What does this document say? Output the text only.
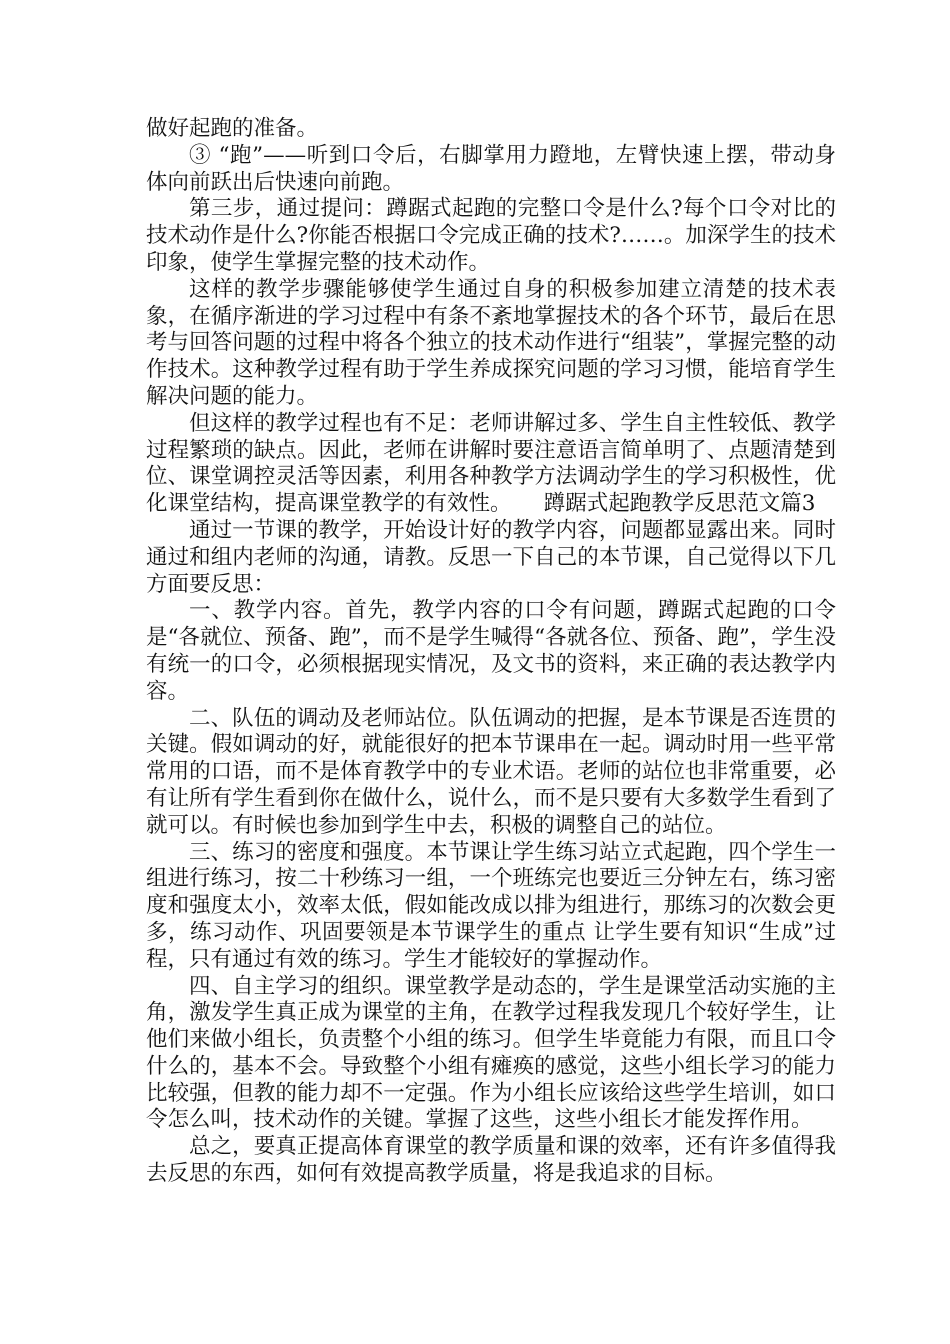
做好起跑的准备。

③ “跑”——听到口令后，右脚掌用力蹬地，左臂快速上摆，带动身体向前跃出后快速向前跑。

第三步，通过提问：蹲踞式起跑的完整口令是什么?每个口令对比的技术动作是什么?你能否根据口令完成正确的技术?……。加深学生的技术印象，使学生掌握完整的技术动作。

这样的教学步骤能够使学生通过自身的积极参加建立清楚的技术表象，在循序渐进的学习过程中有条不紊地掌握技术的各个环节，最后在思考与回答问题的过程中将各个独立的技术动作进行“组装”，掌握完整的动作技术。这种教学过程有助于学生养成探究问题的学习习惯，能培育学生解决问题的能力。

但这样的教学过程也有不足：老师讲解过多、学生自主性较低、教学过程繁琐的缺点。因此，老师在讲解时要注意语言简单明了、点题清楚到位、课堂调控灵活等因素，利用各种教学方法调动学生的学习积极性，优化课堂结构，提高课堂教学的有效性。　　蹲踞式起跑教学反思范文篇3

通过一节课的教学，开始设计好的教学内容，问题都显露出来。同时通过和组内老师的沟通，请教。反思一下自己的本节课，自己觉得以下几方面要反思：

一、教学内容。首先，教学内容的口令有问题，蹲踞式起跑的口令是“各就位、预备、跑”，而不是学生喊得“各就各位、预备、跑”，学生没有统一的口令，必须根据现实情况，及文书的资料，来正确的表达教学内容。

二、队伍的调动及老师站位。队伍调动的把握，是本节课是否连贯的关键。假如调动的好，就能很好的把本节课串在一起。调动时用一些平常常用的口语，而不是体育教学中的专业术语。老师的站位也非常重要，必有让所有学生看到你在做什么，说什么，而不是只要有大多数学生看到了就可以。有时候也参加到学生中去，积极的调整自己的站位。

三、练习的密度和强度。本节课让学生练习站立式起跑，四个学生一组进行练习，按二十秒练习一组，一个班练完也要近三分钟左右，练习密度和强度太小，效率太低，假如能改成以排为组进行，那练习的次数会更多，练习动作、巩固要领是本节课学生的重点 让学生要有知识“生成”过程，只有通过有效的练习。学生才能较好的掌握动作。

四、自主学习的组织。课堂教学是动态的，学生是课堂活动实施的主角，激发学生真正成为课堂的主角，在教学过程我发现几个较好学生，让他们来做小组长，负责整个小组的练习。但学生毕竟能力有限，而且口令什么的，基本不会。导致整个小组有瘫痪的感觉，这些小组长学习的能力比较强，但教的能力却不一定强。作为小组长应该给这些学生培训，如口令怎么叫，技术动作的关键。掌握了这些，这些小组长才能发挥作用。

总之，要真正提高体育课堂的教学质量和课的效率，还有许多值得我去反思的东西，如何有效提高教学质量，将是我追求的目标。
